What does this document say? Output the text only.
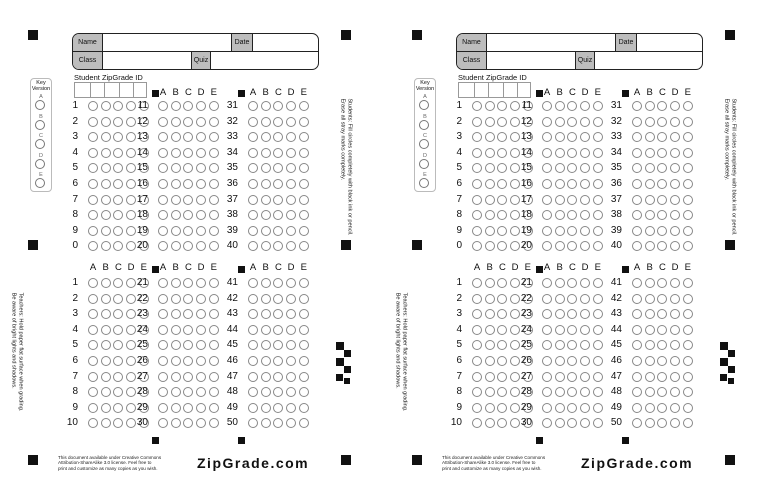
Name	Date
Class	Quiz
Student ZipGrade ID
Key Version
A
B
C
D
E
A B C D E	A B C D E
A B C D E A B C D E	A B C D E
1	11	31
2	12	32
3	13	33
4	14	34
5	15	35
6	16	36
7	17	37
8	18	38
9	19	39
0	20	40
1	21	41
2	22	42
3	23	43
4	24	44
5	25	45
6	26	46
7	27	47
8	28	48
9	29	49
10	30	50
Students: Fill circles completely with black ink or pencil.
Erase all stray marks completely.
Teachers: Hold paper flat surface when grading.
Be aware of bright lights and shadows.
This document available under Creative Commons
Attribution-ShareAlike 3.0 license. Feel free to
print and customize as many copies as you wish.	ZipGrade.com
Name	Date
Class	Quiz
Student ZipGrade ID
Key Version
A
B
C
D
E
A B C D E	A B C D E
A B C D E A B C D E	A B C D E
1	11	31
2	12	32
3	13	33
4	14	34
5	15	35
6	16	36
7	17	37
8	18	38
9	19	39
0	20	40
1	21	41
2	22	42
3	23	43
4	24	44
5	25	45
6	26	46
7	27	47
8	28	48
9	29	49
10	30	50
Students: Fill circles completely with black ink or pencil.
Erase all stray marks completely.
Teachers: Hold paper flat surface when grading.
Be aware of bright lights and shadows.
This document available under Creative Commons
Attribution-ShareAlike 3.0 license. Feel free to
print and customize as many copies as you wish.	ZipGrade.com
